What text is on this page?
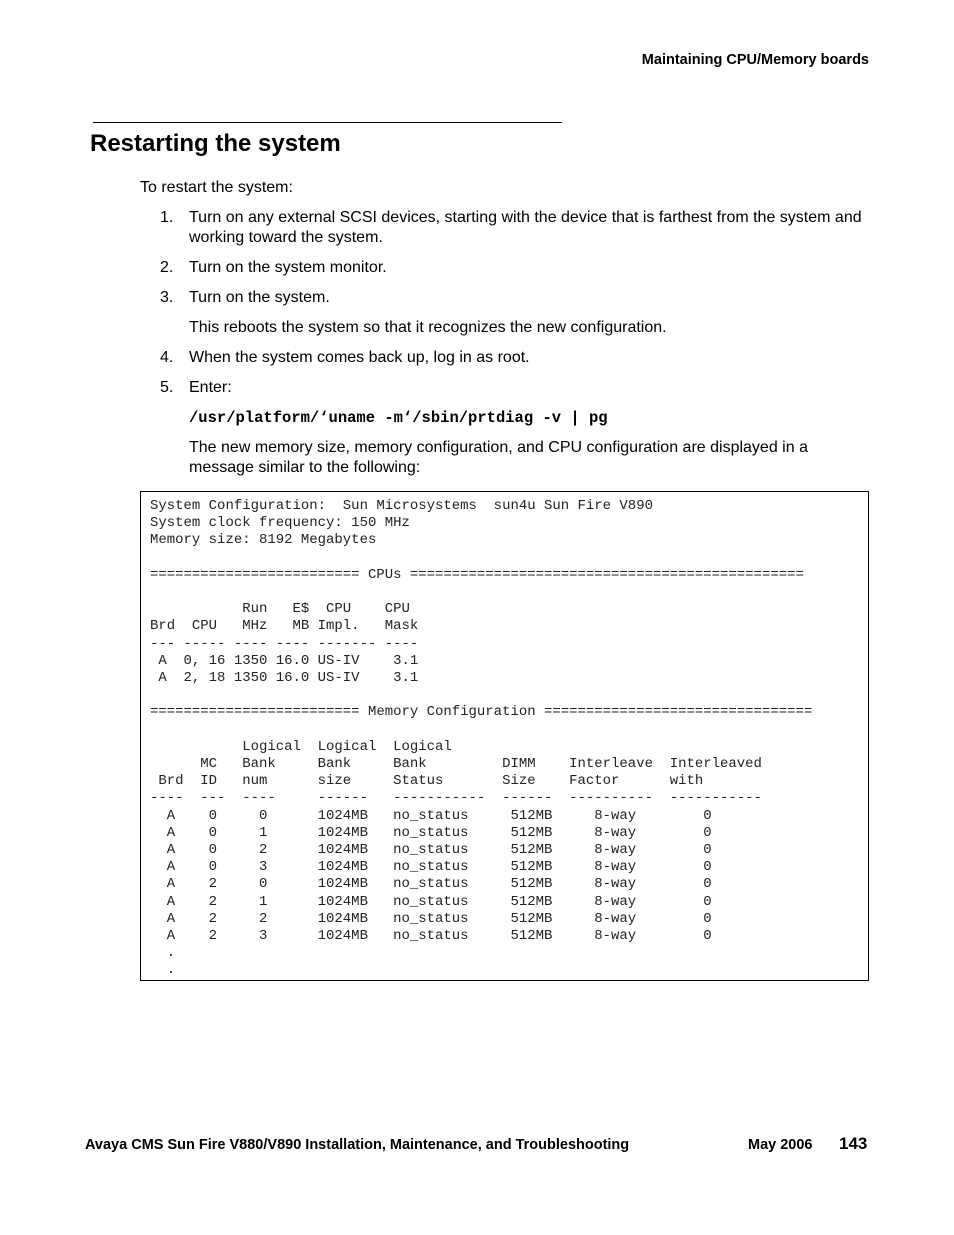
Maintaining CPU/Memory boards

Restarting the system

To restart the system:

1. Turn on any external SCSI devices, starting with the device that is farthest from the system and working toward the system.

2. Turn on the system monitor.

3. Turn on the system.

This reboots the system so that it recognizes the new configuration.

4. When the system comes back up, log in as root.

5. Enter:

/usr/platform/‘uname -m‘/sbin/prtdiag -v | pg

The new memory size, memory configuration, and CPU configuration are displayed in a message similar to the following:

System Configuration:  Sun Microsystems  sun4u Sun Fire V890
System clock frequency: 150 MHz
Memory size: 8192 Megabytes

========================= CPUs ===============================================

Run   E$  CPU    CPU
Brd  CPU   MHz   MB Impl.   Mask
--- ----- ---- ---- ------- ----
A  0, 16 1350 16.0 US-IV    3.1
A  2, 18 1350 16.0 US-IV    3.1

========================= Memory Configuration ================================

Logical  Logical  Logical
MC   Bank     Bank     Bank         DIMM    Interleave  Interleaved
Brd  ID   num      size     Status       Size    Factor      with
----  ---  ----     ------   -----------  ------  ----------  -----------
A    0     0      1024MB   no_status     512MB     8-way        0
A    0     1      1024MB   no_status     512MB     8-way        0
A    0     2      1024MB   no_status     512MB     8-way        0
A    0     3      1024MB   no_status     512MB     8-way        0
A    2     0      1024MB   no_status     512MB     8-way        0
A    2     1      1024MB   no_status     512MB     8-way        0
A    2     2      1024MB   no_status     512MB     8-way        0
A    2     3      1024MB   no_status     512MB     8-way        0
.
.

Avaya CMS Sun Fire V880/V890 Installation, Maintenance, and Troubleshooting	May 2006 143
